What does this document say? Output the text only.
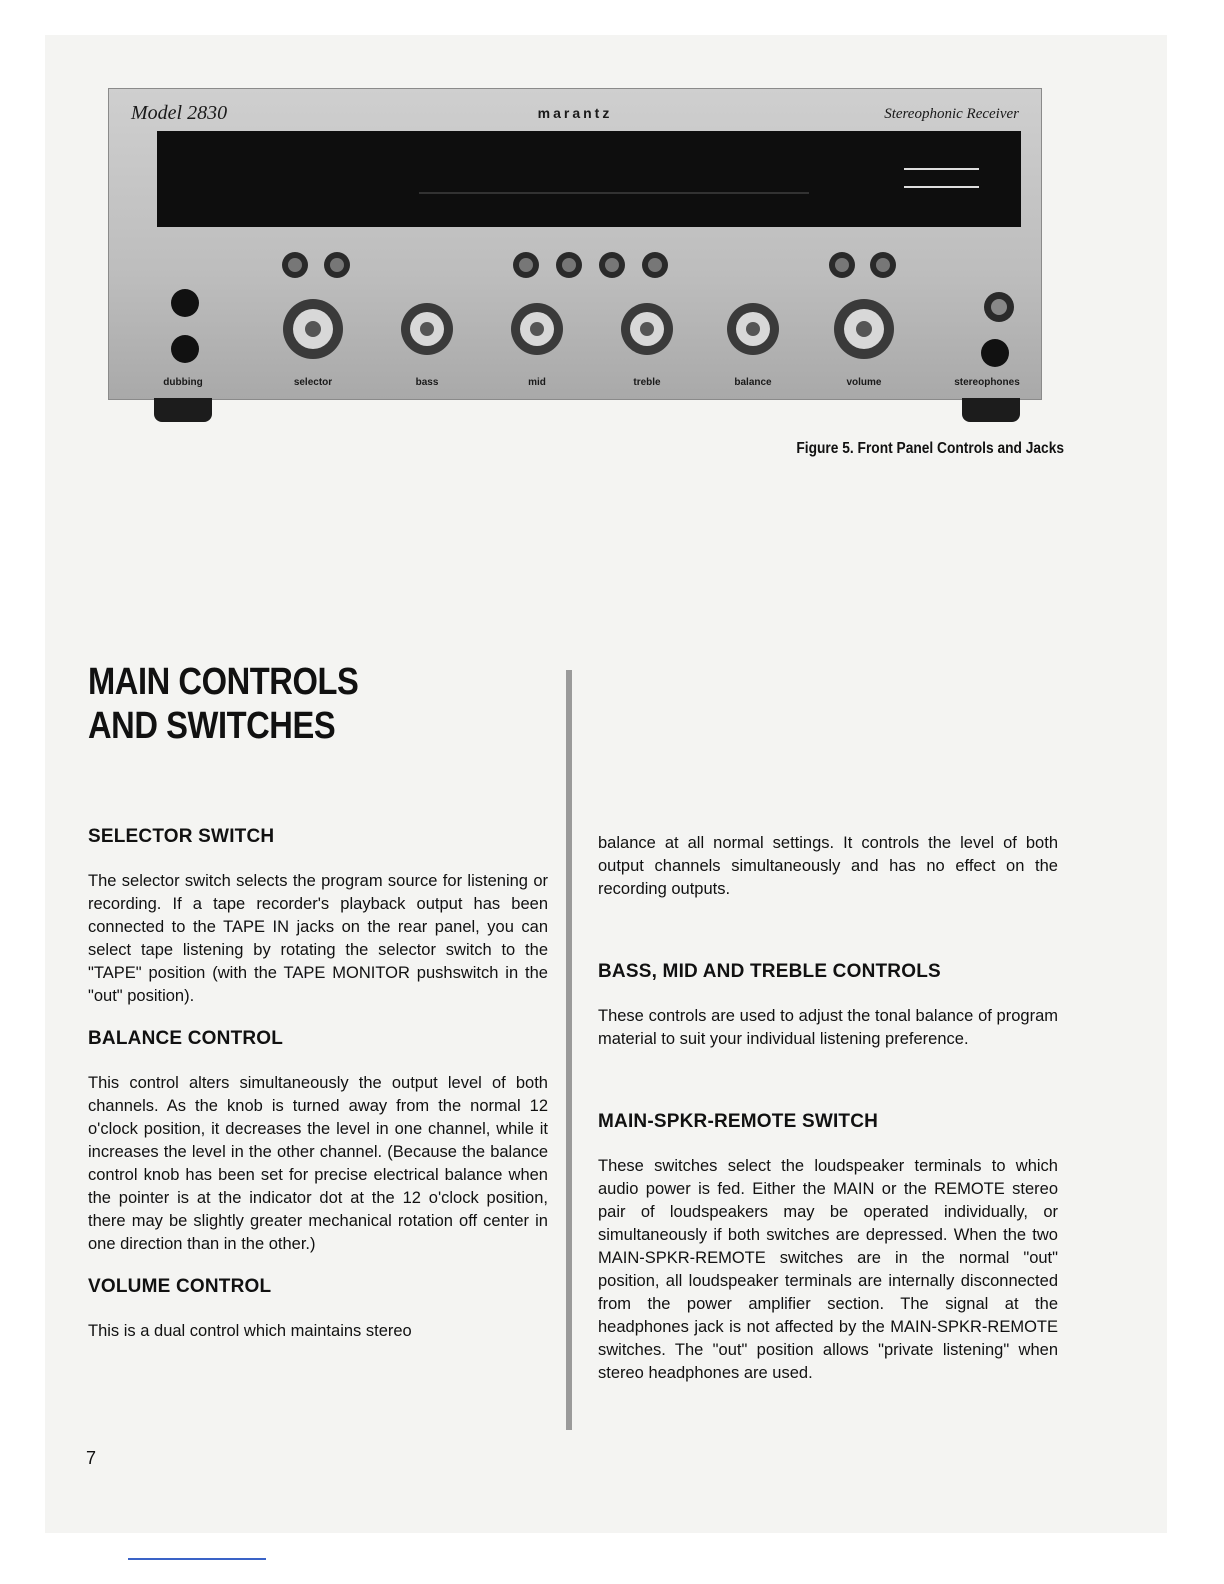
Model 2830	marantz	Stereophonic Receiver
dubbing	selector	bass	mid	treble	balance	volume	stereophones
Figure 5. Front Panel Controls and Jacks
MAIN CONTROLS
AND SWITCHES
SELECTOR SWITCH
The selector switch selects the program source for listening or recording. If a tape recorder's playback output has been connected to the TAPE IN jacks on the rear panel, you can select tape listening by rotating the selector switch to the "TAPE" position (with the TAPE MONITOR pushswitch in the "out" position).
BALANCE CONTROL
This control alters simultaneously the output level of both channels. As the knob is turned away from the normal 12 o'clock position, it decreases the level in one channel, while it increases the level in the other channel. (Because the balance control knob has been set for precise electrical balance when the pointer is at the indicator dot at the 12 o'clock position, there may be slightly greater mechanical rotation off center in one direction than in the other.)
VOLUME CONTROL
This is a dual control which maintains stereo
balance at all normal settings. It controls the level of both output channels simultaneously and has no effect on the recording outputs.
BASS, MID AND TREBLE CONTROLS
These controls are used to adjust the tonal balance of program material to suit your individual listening preference.
MAIN-SPKR-REMOTE SWITCH
These switches select the loudspeaker terminals to which audio power is fed. Either the MAIN or the REMOTE stereo pair of loudspeakers may be operated individually, or simultaneously if both switches are depressed. When the two MAIN-SPKR-REMOTE switches are in the normal "out" position, all loudspeaker terminals are internally disconnected from the power amplifier section. The signal at the headphones jack is not affected by the MAIN-SPKR-REMOTE switches. The "out" position allows "private listening" when stereo headphones are used.
7
